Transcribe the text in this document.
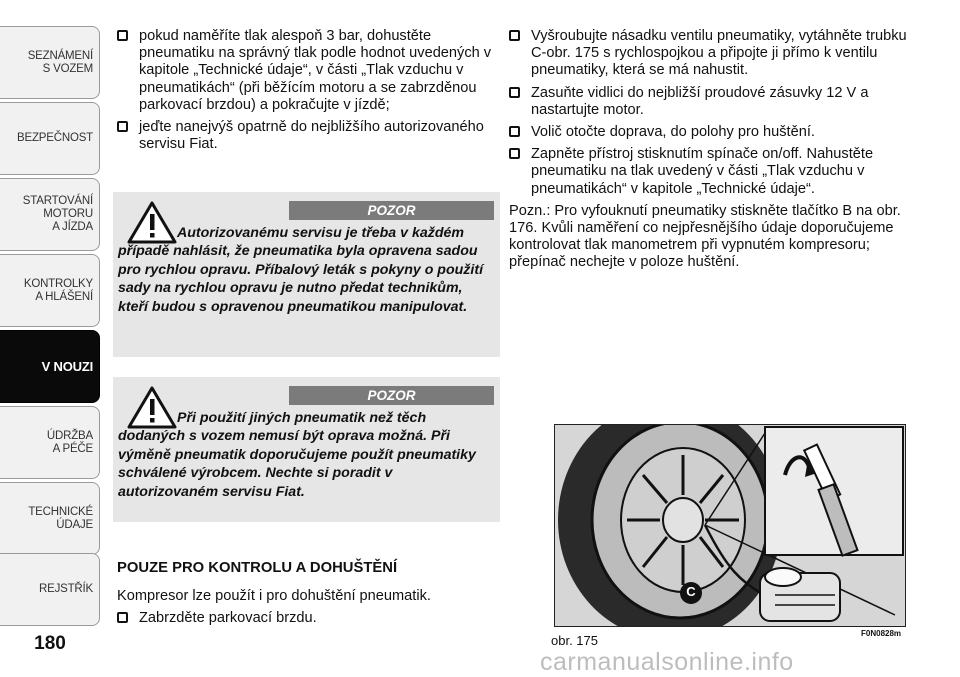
SEZNÁMENÍ
S VOZEM
BEZPEČNOST
STARTOVÁNÍ
MOTORU
A JÍZDA
KONTROLKY
A HLÁŠENÍ
V NOUZI
ÚDRŽBA
A PÉČE
TECHNICKÉ
ÚDAJE
REJSTŘÍK
180
pokud naměříte tlak alespoň 3 bar, dohustěte pneumatiku na správný tlak podle hodnot uvedených v kapitole „Technické údaje“, v části „Tlak vzduchu v pneumatikách“ (při běžícím motoru a se zabrzděnou parkovací brzdou) a pokračujte v jízdě;
jeďte nanejvýš opatrně do nejbližšího autorizovaného servisu Fiat.
POZOR
Autorizovanému servisu je třeba v každém případě nahlásit, že pneumatika byla opravena sadou pro rychlou opravu. Příbalový leták s pokyny o použití sady na rychlou opravu je nutno předat technikům, kteří budou s opravenou pneumatikou manipulovat.
POZOR
Při použití jiných pneumatik než těch dodaných s vozem nemusí být oprava možná. Při výměně pneumatik doporučujeme použít pneumatiky schválené výrobcem. Nechte si poradit v autorizovaném servisu Fiat.
POUZE PRO KONTROLU A DOHUŠTĚNÍ
Kompresor lze použít i pro dohuštění pneumatik.
Zabrzděte parkovací brzdu.
Vyšroubujte násadku ventilu pneumatiky, vytáhněte trubku C-obr. 175 s rychlospojkou a připojte ji přímo k ventilu pneumatiky, která se má nahustit.
Zasuňte vidlici do nejbližší proudové zásuvky 12 V a nastartujte motor.
Volič otočte doprava, do polohy pro huštění.
Zapněte přístroj stisknutím spínače on/off. Nahustěte pneumatiku na tlak uvedený v části „Tlak vzduchu v pneumatikách“ v kapitole „Technické údaje“.
Pozn.: Pro vyfouknutí pneumatiky stiskněte tlačítko B na obr. 176. Kvůli naměření co nejpřesnějšího údaje doporučujeme kontrolovat tlak manometrem při vypnutém kompresoru; přepínač nechejte v poloze huštění.
C
obr. 175	F0N0828m
carmanualsonline.info
